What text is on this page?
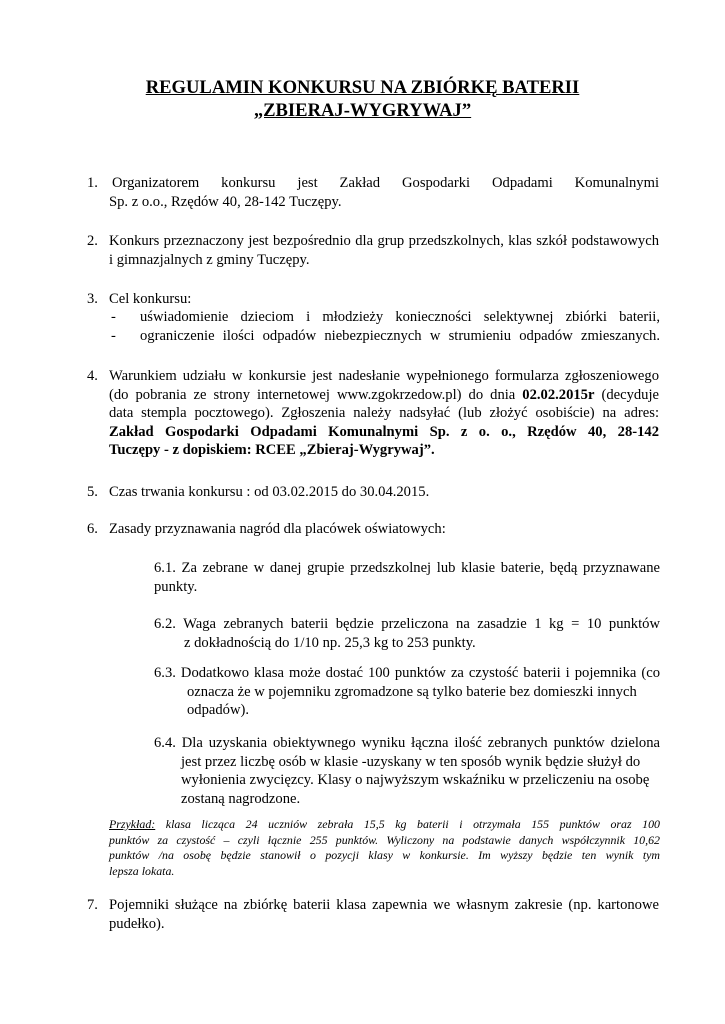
REGULAMIN KONKURSU NA ZBIÓRKĘ BATERII
„ZBIERAJ-WYGRYWAJ”
1. Organizatorem konkursu jest Zakład Gospodarki Odpadami Komunalnymi
Sp. z o.o., Rzędów 40, 28-142 Tuczępy.
2. Konkurs przeznaczony jest bezpośrednio dla grup przedszkolnych, klas szkół podstawowych
i gimnazjalnych z gminy Tuczępy.
3. Cel konkursu:
- uświadomienie dzieciom i młodzieży konieczności selektywnej zbiórki baterii,
- ograniczenie ilości odpadów niebezpiecznych w strumieniu odpadów zmieszanych.
4. Warunkiem udziału w konkursie jest nadesłanie wypełnionego formularza zgłoszeniowego
(do pobrania ze strony internetowej www.zgokrzedow.pl) do dnia 02.02.2015r (decyduje
data stempla pocztowego). Zgłoszenia należy nadsyłać (lub złożyć osobiście) na adres:
Zakład Gospodarki Odpadami Komunalnymi Sp. z o. o., Rzędów 40, 28-142
Tuczępy - z dopiskiem: RCEE „Zbieraj-Wygrywaj”.
5. Czas trwania konkursu : od 03.02.2015 do 30.04.2015.
6. Zasady przyznawania nagród dla placówek oświatowych:
6.1. Za zebrane w danej grupie przedszkolnej lub klasie baterie, będą przyznawane
punkty.
6.2. Waga zebranych baterii będzie przeliczona na zasadzie 1 kg = 10 punktów
z dokładnością do 1/10 np. 25,3 kg to 253 punkty.
6.3. Dodatkowo klasa może dostać 100 punktów za czystość baterii i pojemnika (co
oznacza że w pojemniku zgromadzone są tylko baterie bez domieszki innych
odpadów).
6.4. Dla uzyskania obiektywnego wyniku łączna ilość zebranych punktów dzielona
jest przez liczbę osób w klasie -uzyskany w ten sposób wynik będzie służył do
wyłonienia zwycięzcy. Klasy o najwyższym wskaźniku w przeliczeniu na osobę
zostaną nagrodzone.
Przykład: klasa licząca 24 uczniów zebrała 15,5 kg baterii i otrzymała 155 punktów oraz 100
punktów za czystość – czyli łącznie 255 punktów. Wyliczony na podstawie danych współczynnik 10,62
punktów /na osobę będzie stanowił o pozycji klasy w konkursie. Im wyższy będzie ten wynik tym
lepsza lokata.
7. Pojemniki służące na zbiórkę baterii klasa zapewnia we własnym zakresie (np. kartonowe
pudełko).
